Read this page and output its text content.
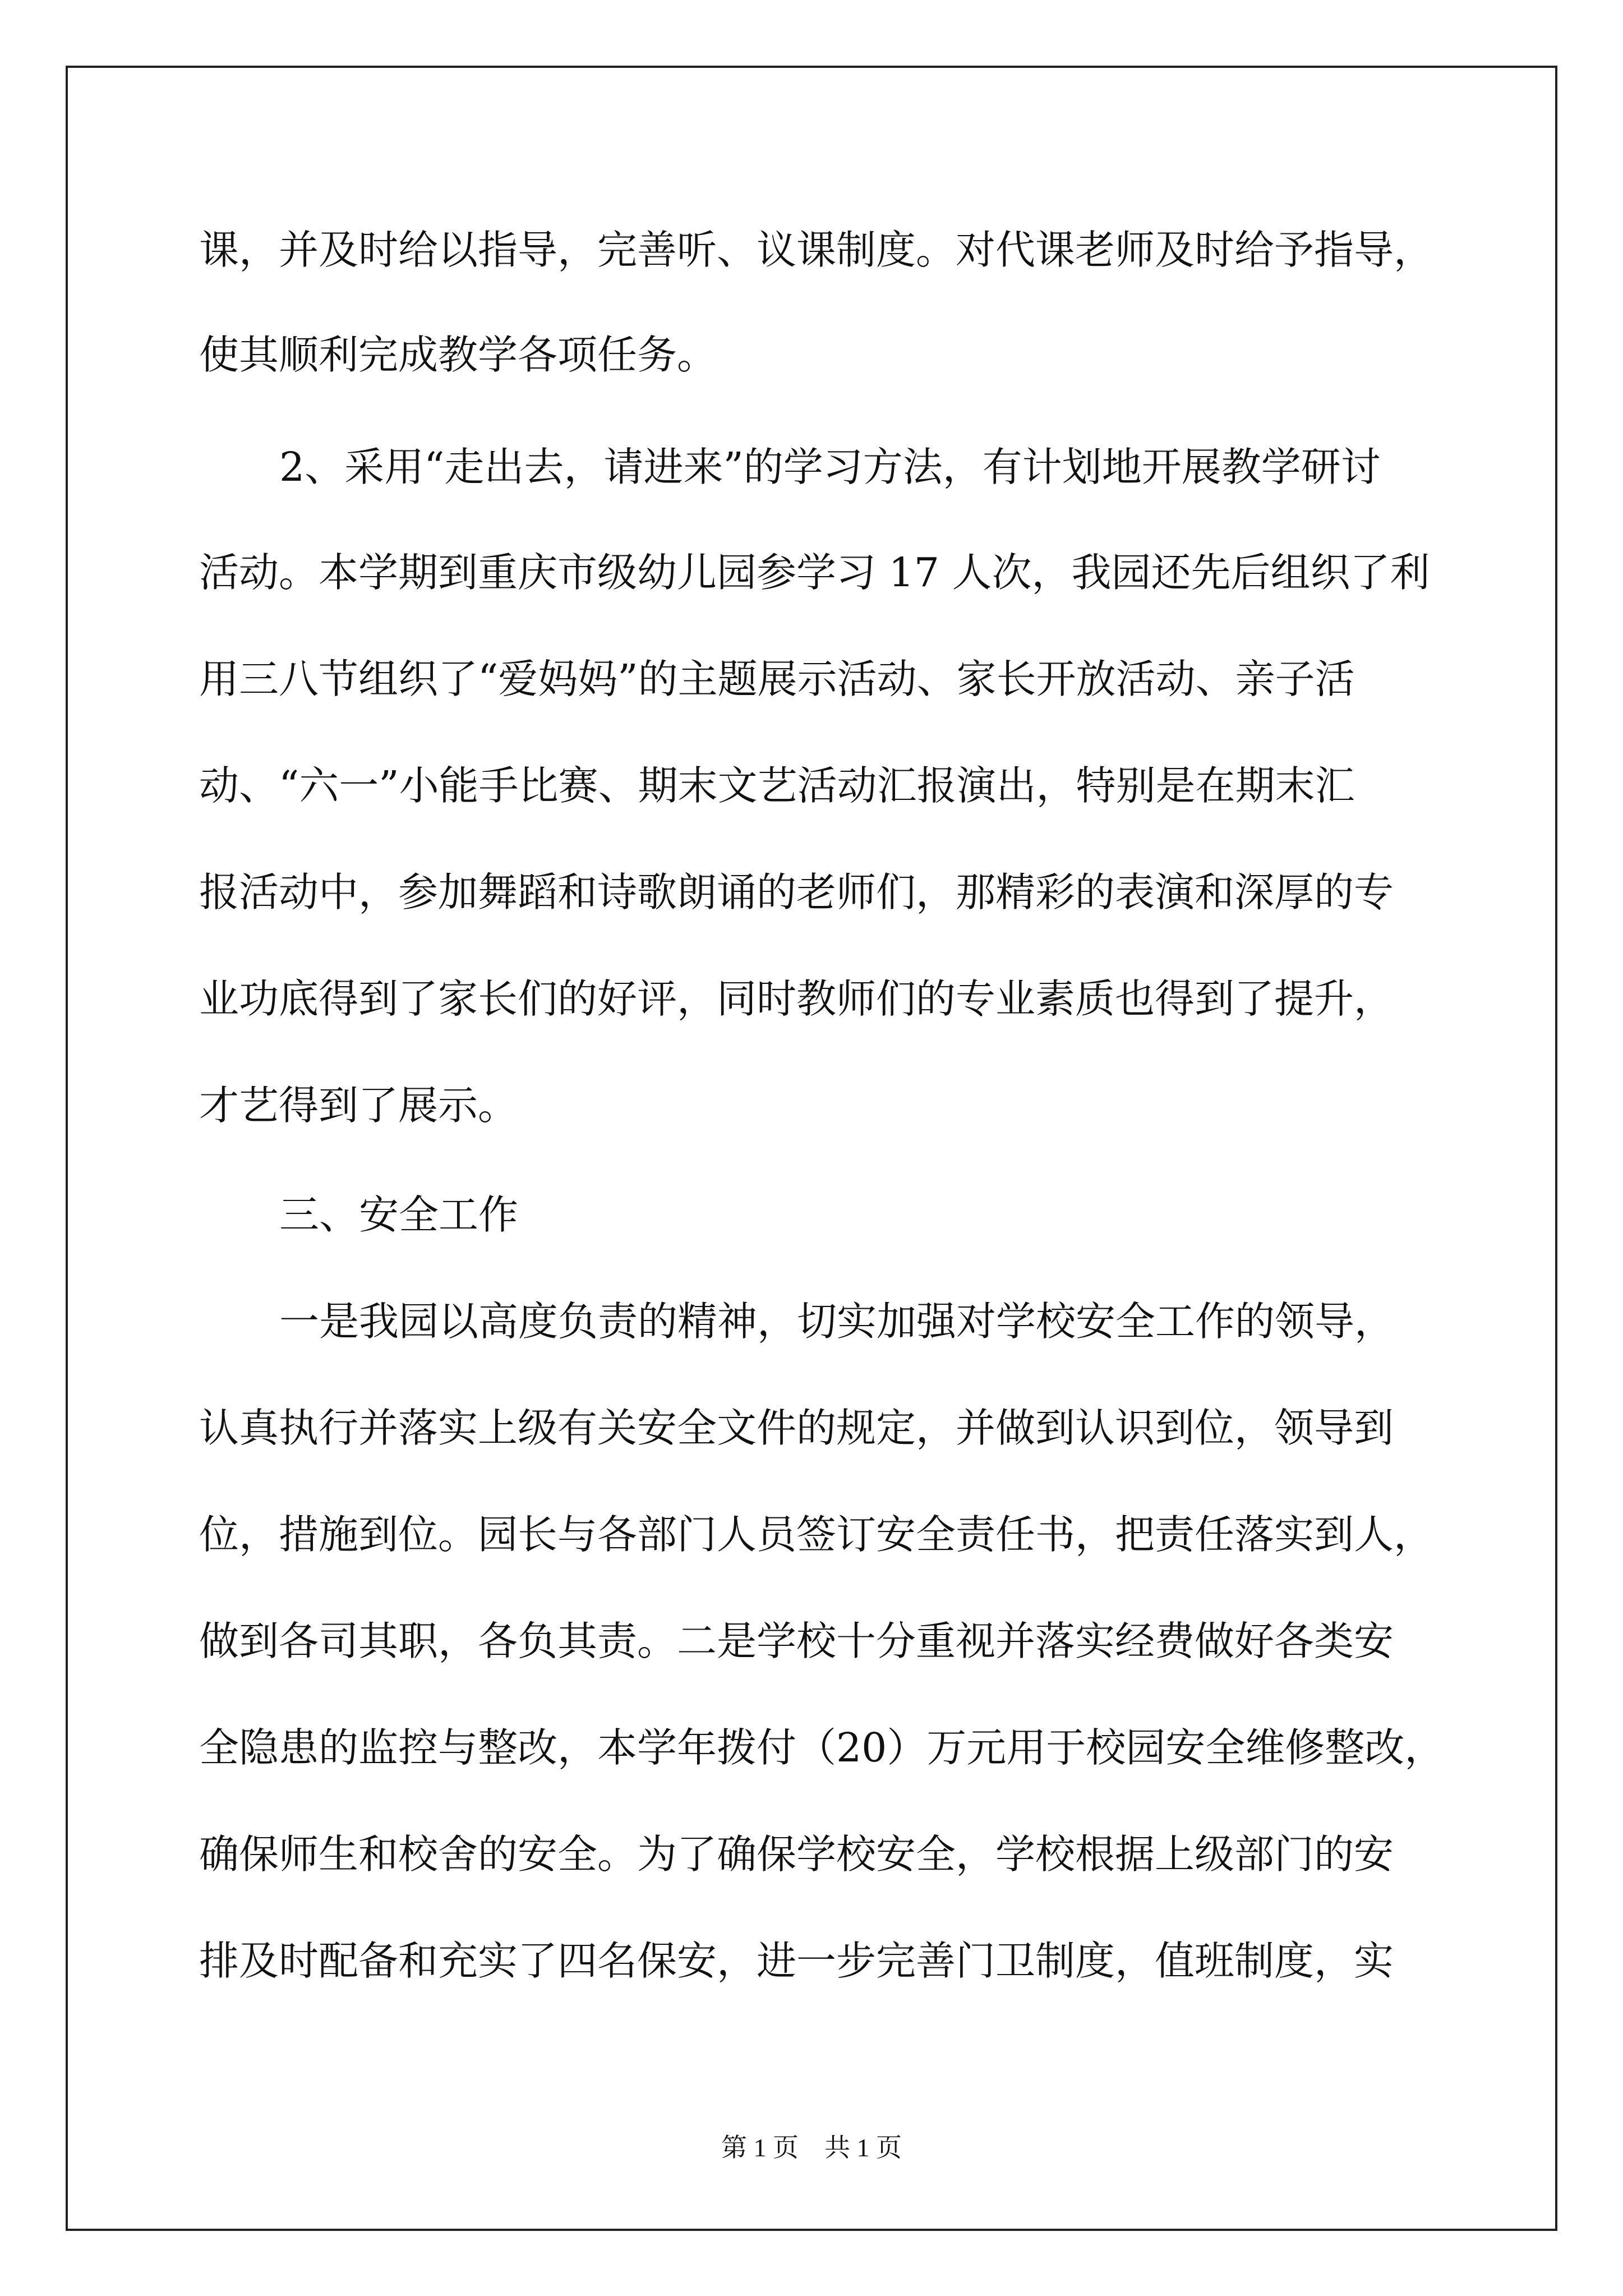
课，并及时给以指导，完善听、议课制度。对代课老师及时给予指导，
使其顺利完成教学各项任务。
2、采用“走出去，请进来”的学习方法，有计划地开展教学研讨
活动。本学期到重庆市级幼儿园参学习 17 人次，我园还先后组织了利
用三八节组织了“爱妈妈”的主题展示活动、家长开放活动、亲子活
动、“六一”小能手比赛、期末文艺活动汇报演出，特别是在期末汇
报活动中，参加舞蹈和诗歌朗诵的老师们，那精彩的表演和深厚的专
业功底得到了家长们的好评，同时教师们的专业素质也得到了提升，
才艺得到了展示。
三、安全工作
一是我园以高度负责的精神，切实加强对学校安全工作的领导，
认真执行并落实上级有关安全文件的规定，并做到认识到位，领导到
位，措施到位。园长与各部门人员签订安全责任书，把责任落实到人，
做到各司其职，各负其责。二是学校十分重视并落实经费做好各类安
全隐患的监控与整改，本学年拨付（20）万元用于校园安全维修整改，
确保师生和校舍的安全。为了确保学校安全，学校根据上级部门的安
排及时配备和充实了四名保安，进一步完善门卫制度，值班制度，实
第 1 页　共 1 页
